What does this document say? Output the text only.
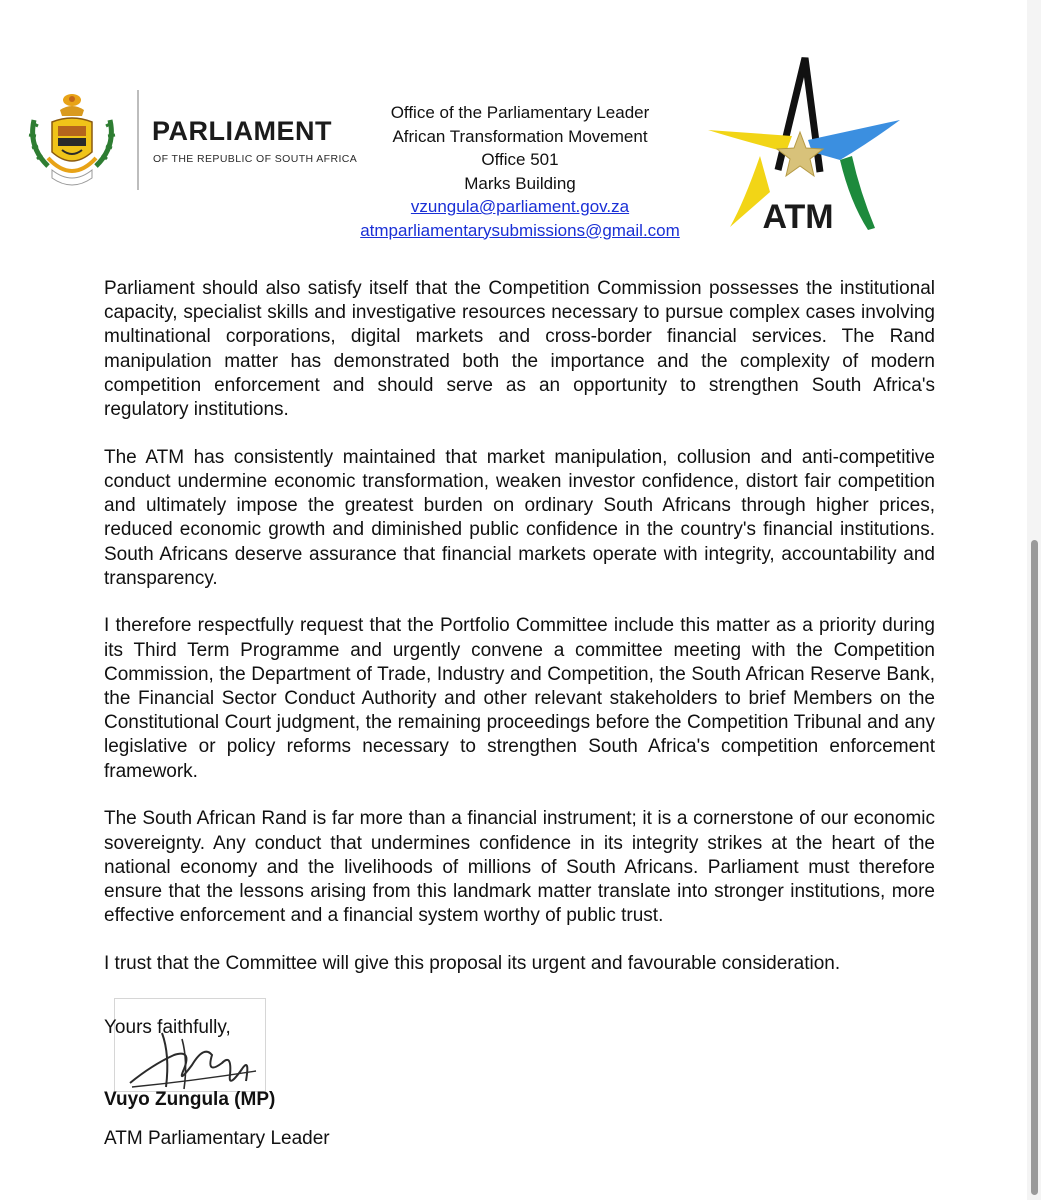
PARLIAMENT
OF THE REPUBLIC OF SOUTH AFRICA
Office of the Parliamentary Leader
African Transformation Movement
Office 501
Marks Building
vzungula@parliament.gov.za
atmparliamentarysubmissions@gmail.com	ATM

Parliament should also satisfy itself that the Competition Commission possesses the institutional capacity, specialist skills and investigative resources necessary to pursue complex cases involving multinational corporations, digital markets and cross-border financial services. The Rand manipulation matter has demonstrated both the importance and the complexity of modern competition enforcement and should serve as an opportunity to strengthen South Africa's regulatory institutions.

The ATM has consistently maintained that market manipulation, collusion and anti-competitive conduct undermine economic transformation, weaken investor confidence, distort fair competition and ultimately impose the greatest burden on ordinary South Africans through higher prices, reduced economic growth and diminished public confidence in the country's financial institutions. South Africans deserve assurance that financial markets operate with integrity, accountability and transparency.

I therefore respectfully request that the Portfolio Committee include this matter as a priority during its Third Term Programme and urgently convene a committee meeting with the Competition Commission, the Department of Trade, Industry and Competition, the South African Reserve Bank, the Financial Sector Conduct Authority and other relevant stakeholders to brief Members on the Constitutional Court judgment, the remaining proceedings before the Competition Tribunal and any legislative or policy reforms necessary to strengthen South Africa's competition enforcement framework.

The South African Rand is far more than a financial instrument; it is a cornerstone of our economic sovereignty. Any conduct that undermines confidence in its integrity strikes at the heart of the national economy and the livelihoods of millions of South Africans. Parliament must therefore ensure that the lessons arising from this landmark matter translate into stronger institutions, more effective enforcement and a financial system worthy of public trust.

I trust that the Committee will give this proposal its urgent and favourable consideration.

Yours faithfully,
Vuyo Zungula (MP)
ATM Parliamentary Leader
